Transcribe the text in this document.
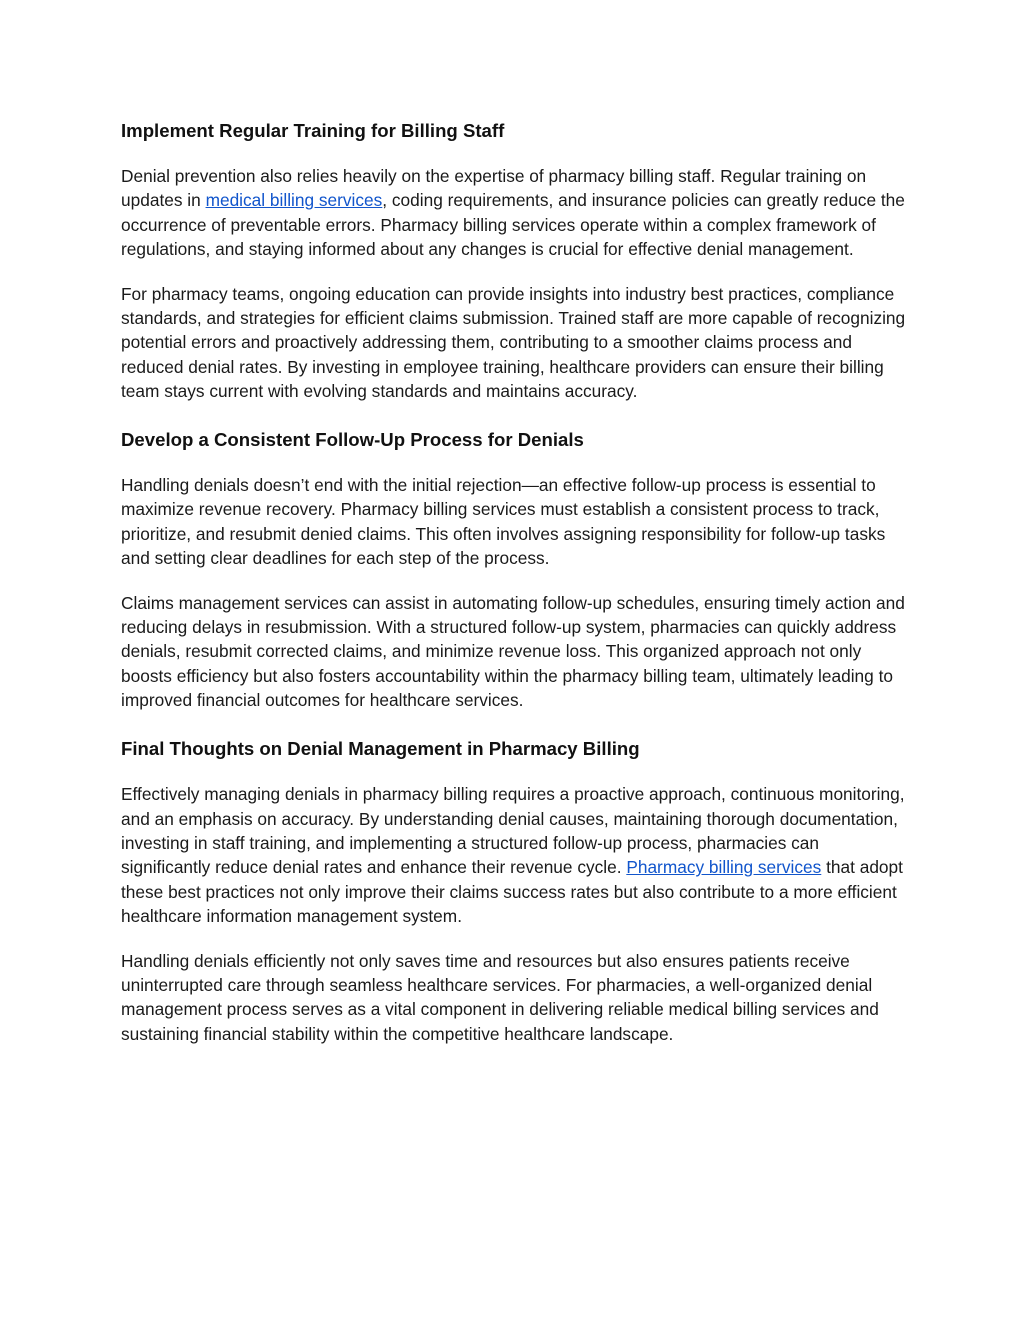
Implement Regular Training for Billing Staff

Denial prevention also relies heavily on the expertise of pharmacy billing staff. Regular training on updates in medical billing services, coding requirements, and insurance policies can greatly reduce the occurrence of preventable errors. Pharmacy billing services operate within a complex framework of regulations, and staying informed about any changes is crucial for effective denial management.

For pharmacy teams, ongoing education can provide insights into industry best practices, compliance standards, and strategies for efficient claims submission. Trained staff are more capable of recognizing potential errors and proactively addressing them, contributing to a smoother claims process and reduced denial rates. By investing in employee training, healthcare providers can ensure their billing team stays current with evolving standards and maintains accuracy.

Develop a Consistent Follow-Up Process for Denials

Handling denials doesn’t end with the initial rejection—an effective follow-up process is essential to maximize revenue recovery. Pharmacy billing services must establish a consistent process to track, prioritize, and resubmit denied claims. This often involves assigning responsibility for follow-up tasks and setting clear deadlines for each step of the process.

Claims management services can assist in automating follow-up schedules, ensuring timely action and reducing delays in resubmission. With a structured follow-up system, pharmacies can quickly address denials, resubmit corrected claims, and minimize revenue loss. This organized approach not only boosts efficiency but also fosters accountability within the pharmacy billing team, ultimately leading to improved financial outcomes for healthcare services.

Final Thoughts on Denial Management in Pharmacy Billing

Effectively managing denials in pharmacy billing requires a proactive approach, continuous monitoring, and an emphasis on accuracy. By understanding denial causes, maintaining thorough documentation, investing in staff training, and implementing a structured follow-up process, pharmacies can significantly reduce denial rates and enhance their revenue cycle. Pharmacy billing services that adopt these best practices not only improve their claims success rates but also contribute to a more efficient healthcare information management system.

Handling denials efficiently not only saves time and resources but also ensures patients receive uninterrupted care through seamless healthcare services. For pharmacies, a well-organized denial management process serves as a vital component in delivering reliable medical billing services and sustaining financial stability within the competitive healthcare landscape.
